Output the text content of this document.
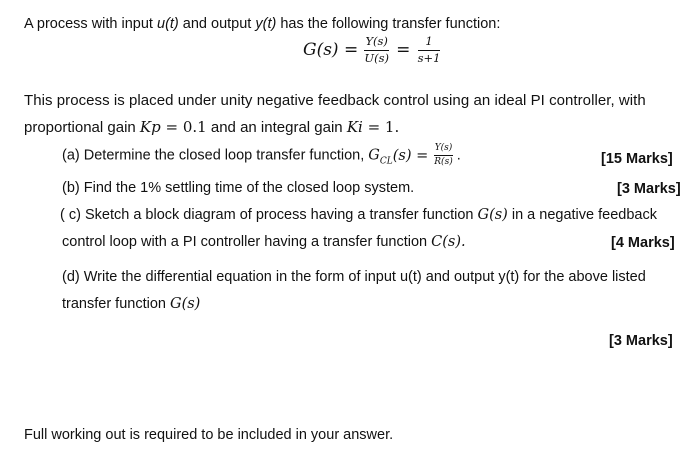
A process with input u(t) and output y(t) has the following transfer function:
$G(s) = \frac{Y(s)}{U(s)} = \frac{1}{s+1}$
This process is placed under unity negative feedback control using an ideal PI controller, with
proportional gain Kp = 0.1 and an integral gain Ki = 1.
(a) Determine the closed loop transfer function, $G_{CL}(s) = \frac{Y(s)}{R(s)}$ .	[15 Marks]
(b) Find the 1% settling time of the closed loop system.	[3 Marks]
( c) Sketch a block diagram of process having a transfer function G(s) in a negative feedback
control loop with a PI controller having a transfer function C(s).	[4 Marks]
(d) Write the differential equation in the form of input u(t) and output y(t) for the above listed
transfer function G(s)
[3 Marks]
Full working out is required to be included in your answer.
